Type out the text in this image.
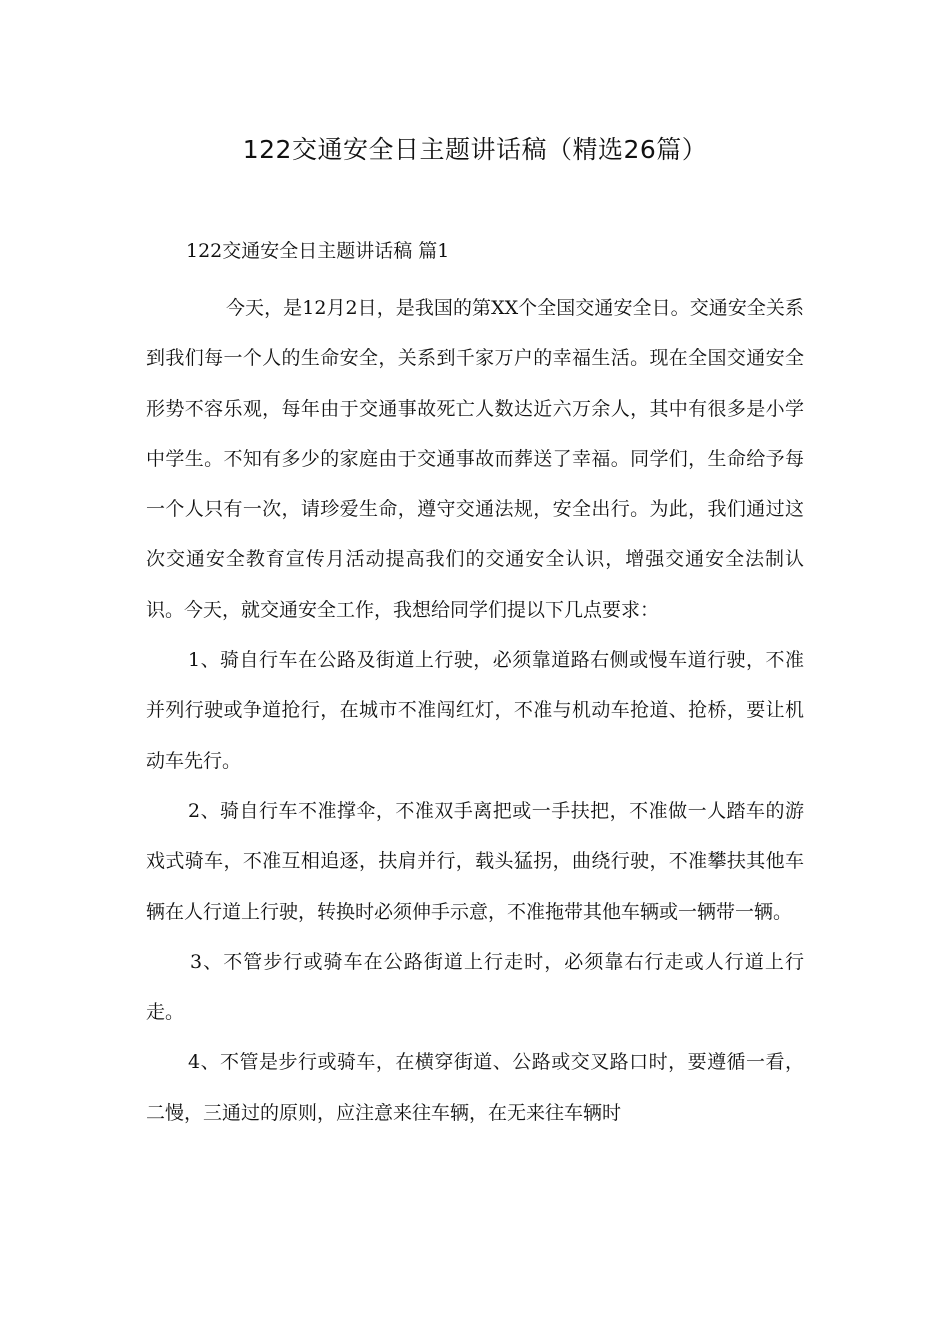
122交通安全日主题讲话稿（精选26篇）
122交通安全日主题讲话稿 篇1

今天，是12月2日，是我国的第XX个全国交通安全日。交通安全关系到我们每一个人的生命安全，关系到千家万户的幸福生活。现在全国交通安全形势不容乐观，每年由于交通事故死亡人数达近六万余人，其中有很多是小学中学生。不知有多少的家庭由于交通事故而葬送了幸福。同学们，生命给予每一个人只有一次，请珍爱生命，遵守交通法规，安全出行。为此，我们通过这次交通安全教育宣传月活动提高我们的交通安全认识，增强交通安全法制认识。今天，就交通安全工作，我想给同学们提以下几点要求：

1、骑自行车在公路及街道上行驶，必须靠道路右侧或慢车道行驶，不准并列行驶或争道抢行，在城市不准闯红灯，不准与机动车抢道、抢桥，要让机动车先行。

2、骑自行车不准撑伞，不准双手离把或一手扶把，不准做一人踏车的游戏式骑车，不准互相追逐，扶肩并行，载头猛拐，曲绕行驶，不准攀扶其他车辆在人行道上行驶，转换时必须伸手示意，不准拖带其他车辆或一辆带一辆。

3、不管步行或骑车在公路街道上行走时，必须靠右行走或人行道上行走。

4、不管是步行或骑车，在横穿街道、公路或交叉路口时，要遵循一看，二慢，三通过的原则，应注意来往车辆，在无来往车辆时
